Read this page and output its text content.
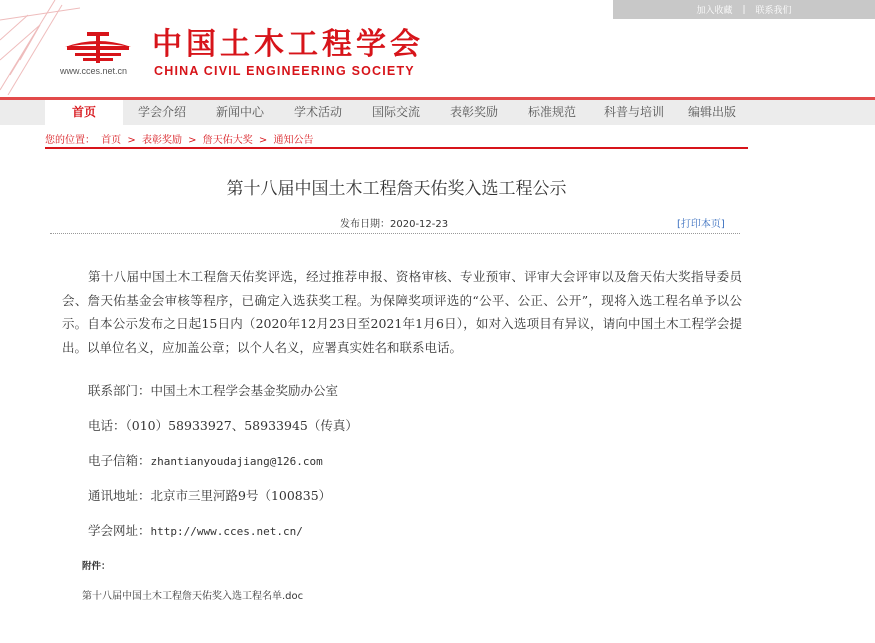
加入收藏 | 联系我们
www.cces.net.cn
中国土木工程学会
CHINA CIVIL ENGINEERING SOCIETY
首页	学会介绍	新闻中心	学术活动	国际交流	表彰奖励	标准规范	科普与培训	编辑出版
您的位置： 首页 > 表彰奖励 > 詹天佑大奖 > 通知公告
第十八届中国土木工程詹天佑奖入选工程公示
发布日期：2020-12-23	[打印本页]
第十八届中国土木工程詹天佑奖评选，经过推荐申报、资格审核、专业预审、评审大会评审以及詹天佑大奖指导委员会、詹天佑基金会审核等程序，已确定入选获奖工程。为保障奖项评选的“公平、公正、公开”，现将入选工程名单予以公示。自本公示发布之日起15日内（2020年12月23日至2021年1月6日），如对入选项目有异议，请向中国土木工程学会提出。以单位名义，应加盖公章；以个人名义，应署真实姓名和联系电话。
联系部门：中国土木工程学会基金奖励办公室
电话：（010）58933927、58933945（传真）
电子信箱：zhantianyoudajiang@126.com
通讯地址：北京市三里河路9号（100835）
学会网址：http://www.cces.net.cn/
附件：
第十八届中国土木工程詹天佑奖入选工程名单.doc
